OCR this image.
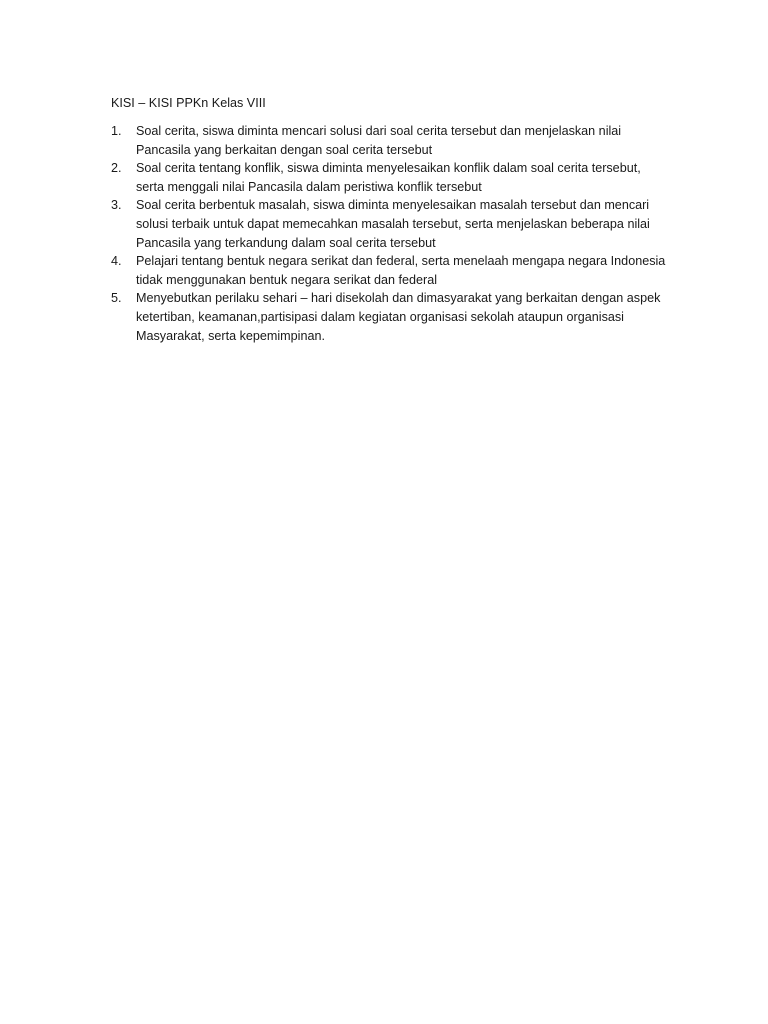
KISI – KISI PPKn Kelas VIII
1. Soal cerita, siswa diminta mencari solusi dari soal cerita tersebut dan menjelaskan nilai Pancasila yang berkaitan dengan soal cerita tersebut
2. Soal cerita tentang konflik, siswa diminta menyelesaikan konflik dalam soal cerita tersebut, serta menggali nilai Pancasila dalam peristiwa konflik tersebut
3. Soal cerita berbentuk masalah, siswa diminta menyelesaikan masalah tersebut dan mencari solusi terbaik untuk dapat memecahkan masalah tersebut, serta menjelaskan beberapa nilai Pancasila yang terkandung dalam soal cerita tersebut
4. Pelajari tentang bentuk negara serikat dan federal, serta menelaah mengapa negara Indonesia tidak menggunakan bentuk negara serikat dan federal
5. Menyebutkan perilaku sehari – hari disekolah dan dimasyarakat yang berkaitan dengan aspek ketertiban, keamanan,partisipasi dalam kegiatan organisasi sekolah ataupun organisasi Masyarakat, serta kepemimpinan.
